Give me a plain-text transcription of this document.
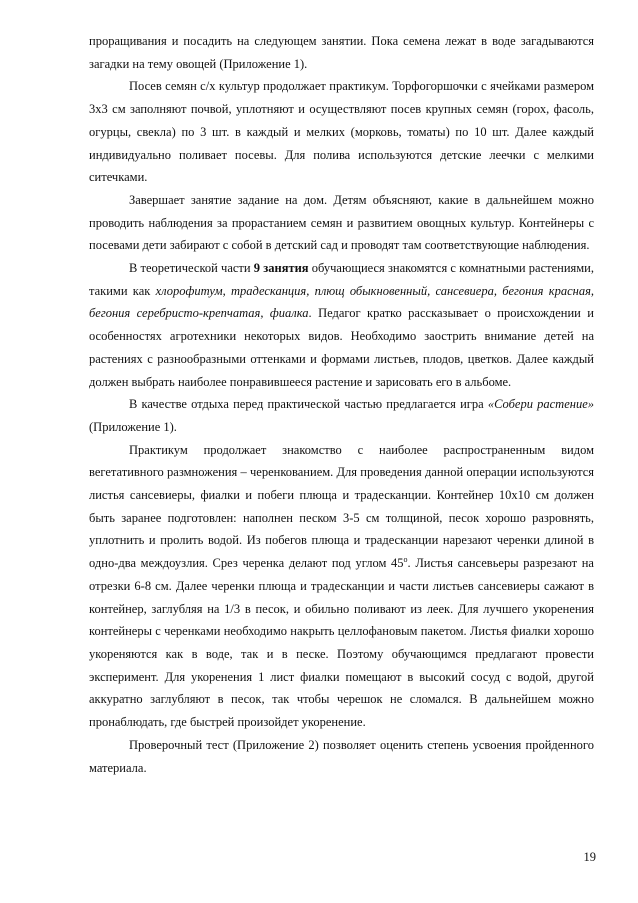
проращивания и посадить на следующем занятии. Пока семена лежат в воде загадываются загадки на тему овощей (Приложение 1).

Посев семян с/х культур продолжает практикум. Торфогоршочки с ячейками размером 3х3 см заполняют почвой, уплотняют и осуществляют посев крупных семян (горох, фасоль, огурцы, свекла) по 3 шт. в каждый и мелких (морковь, томаты) по 10 шт. Далее каждый индивидуально поливает посевы. Для полива используются детские леечки с мелкими ситечками.

Завершает занятие задание на дом. Детям объясняют, какие в дальнейшем можно проводить наблюдения за прорастанием семян и развитием овощных культур. Контейнеры с посевами дети забирают с собой в детский сад и проводят там соответствующие наблюдения.

В теоретической части 9 занятия обучающиеся знакомятся с комнатными растениями, такими как хлорофитум, традесканция, плющ обыкновенный, сансевиера, бегония красная, бегония серебристо-крепчатая, фиалка. Педагог кратко рассказывает о происхождении и особенностях агротехники некоторых видов. Необходимо заострить внимание детей на растениях с разнообразными оттенками и формами листьев, плодов, цветков. Далее каждый должен выбрать наиболее понравившееся растение и зарисовать его в альбоме.

В качестве отдыха перед практической частью предлагается игра «Собери растение» (Приложение 1).

Практикум продолжает знакомство с наиболее распространенным видом вегетативного размножения – черенкованием. Для проведения данной операции используются листья сансевиеры, фиалки и побеги плюща и традесканции. Контейнер 10х10 см должен быть заранее подготовлен: наполнен песком 3-5 см толщиной, песок хорошо разровнять, уплотнить и пролить водой. Из побегов плюща и традесканции нарезают черенки длиной в одно-два междоузлия. Срез черенка делают под углом $45^о$. Листья сансевьеры разрезают на отрезки 6-8 см. Далее черенки плюща и традесканции и части листьев сансевиеры сажают в контейнер, заглубляя на 1/3 в песок, и обильно поливают из леек. Для лучшего укоренения контейнеры с черенками необходимо накрыть целлофановым пакетом. Листья фиалки хорошо укореняются как в воде, так и в песке. Поэтому обучающимся предлагают провести эксперимент. Для укоренения 1 лист фиалки помещают в высокий сосуд с водой, другой аккуратно заглубляют в песок, так чтобы черешок не сломался. В дальнейшем можно пронаблюдать, где быстрей произойдет укоренение.

Проверочный тест (Приложение 2) позволяет оценить степень усвоения пройденного материала.

19
